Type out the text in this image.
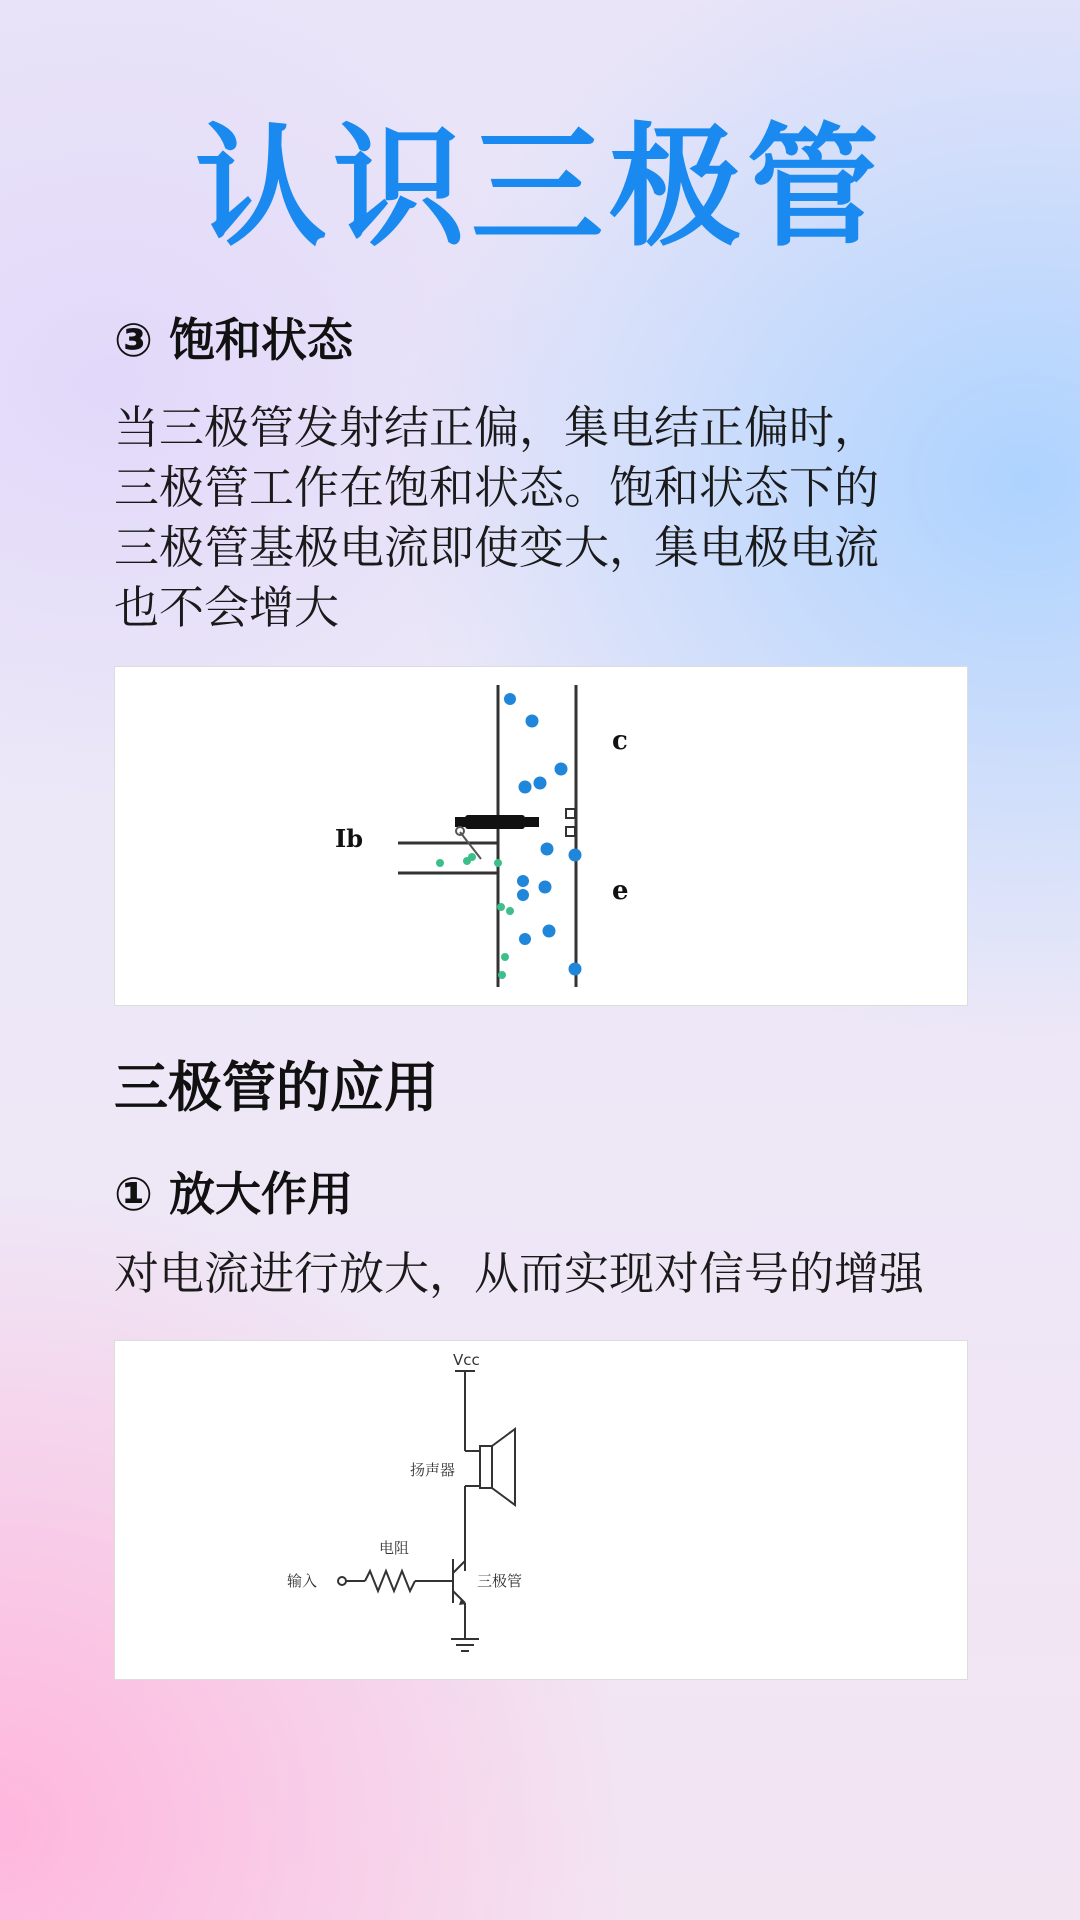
认识三极管
③ 饱和状态
当三极管发射结正偏，集电结正偏时，
三极管工作在饱和状态。饱和状态下的
三极管基极电流即使变大，集电极电流
也不会增大
Ib
c
e
三极管的应用
① 放大作用
对电流进行放大，从而实现对信号的增强
Vcc
扬声器
电阻
输入	三极管
